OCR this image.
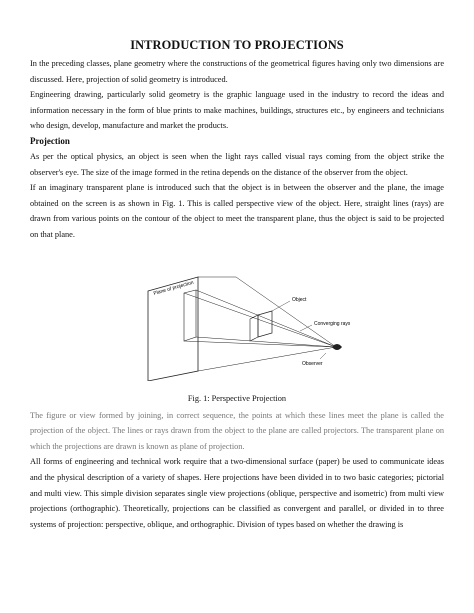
INTRODUCTION TO PROJECTIONS

In the preceding classes, plane geometry where the constructions of the geometrical figures having only two dimensions are discussed. Here, projection of solid geometry is introduced.

Engineering drawing, particularly solid geometry is the graphic language used in the industry to record the ideas and information necessary in the form of blue prints to make machines, buildings, structures etc., by engineers and technicians who design, develop, manufacture and market the products.

Projection

As per the optical physics, an object is seen when the light rays called visual rays coming from the object strike the observer's eye. The size of the image formed in the retina depends on the distance of the observer from the object.

If an imaginary transparent plane is introduced such that the object is in between the observer and the plane, the image obtained on the screen is as shown in Fig. 1. This is called perspective view of the object. Here, straight lines (rays) are drawn from various points on the contour of the object to meet the transparent plane, thus the object is said to be projected on that plane.

Plane of projection
Object
Converging rays
Observer

Fig. 1: Perspective Projection

The figure or view formed by joining, in correct sequence, the points at which these lines meet the plane is called the projection of the object. The lines or rays drawn from the object to the plane are called projectors. The transparent plane on which the projections are drawn is known as plane of projection.

All forms of engineering and technical work require that a two-dimensional surface (paper) be used to communicate ideas and the physical description of a variety of shapes. Here projections have been divided in to two basic categories; pictorial and multi view. This simple division separates single view projections (oblique, perspective and isometric) from multi view projections (orthographic). Theoretically, projections can be classified as convergent and parallel, or divided in to three systems of projection: perspective, oblique, and orthographic. Division of types based on whether the drawing is
